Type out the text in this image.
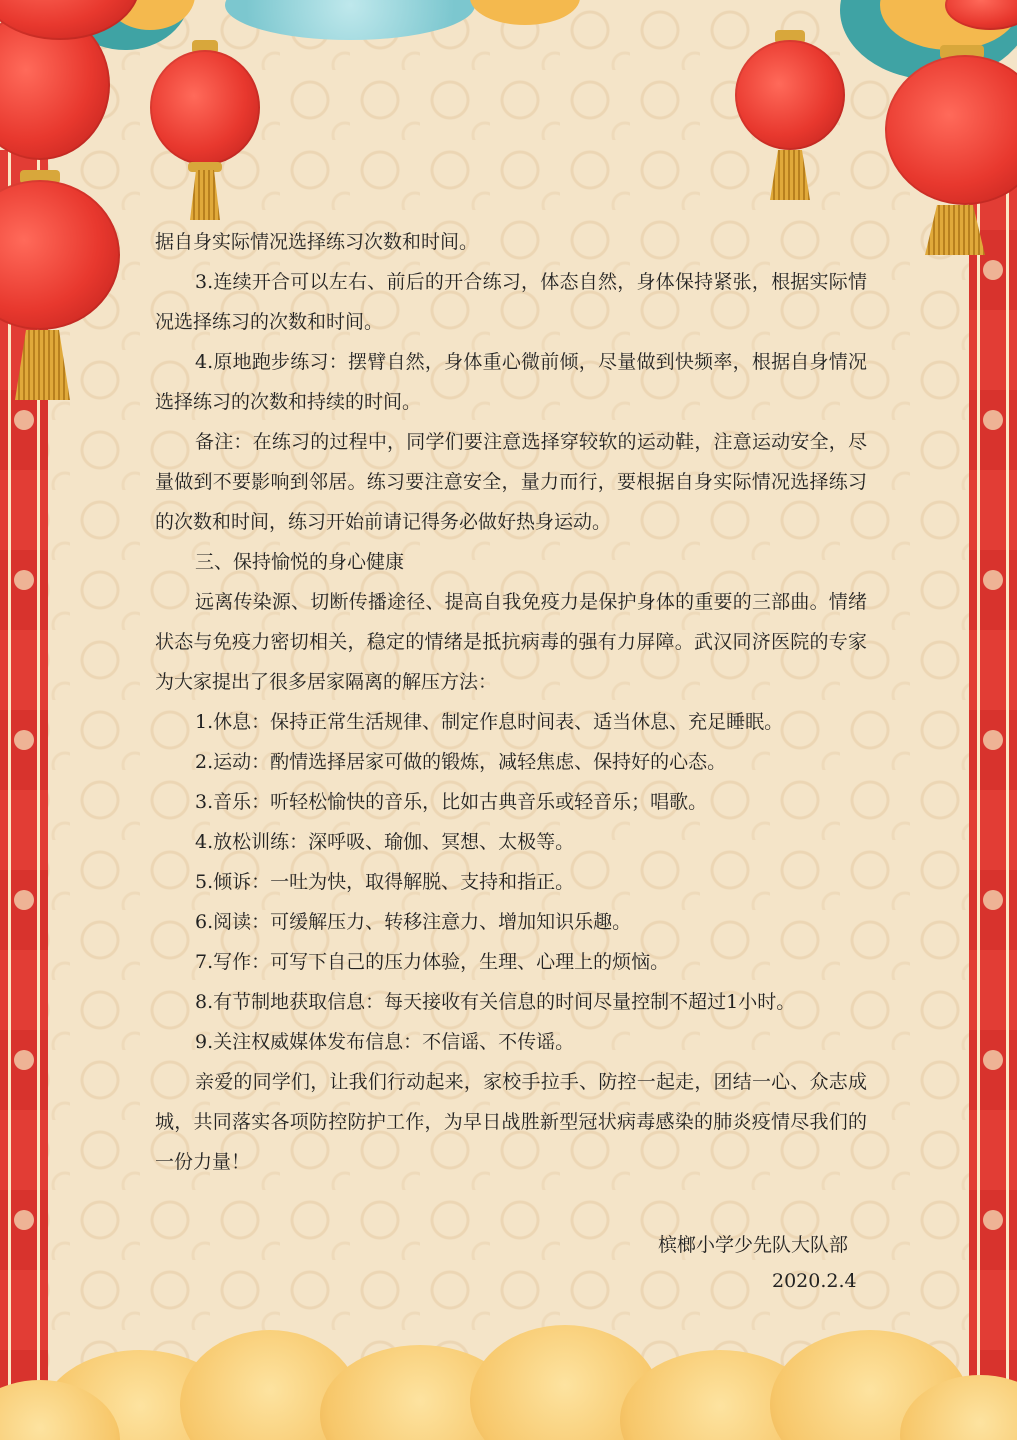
据自身实际情况选择练习次数和时间。

3.连续开合可以左右、前后的开合练习，体态自然，身体保持紧张，根据实际情况选择练习的次数和时间。

4.原地跑步练习：摆臂自然，身体重心微前倾，尽量做到快频率，根据自身情况选择练习的次数和持续的时间。

备注：在练习的过程中，同学们要注意选择穿较软的运动鞋，注意运动安全，尽量做到不要影响到邻居。练习要注意安全，量力而行，要根据自身实际情况选择练习的次数和时间，练习开始前请记得务必做好热身运动。

三、保持愉悦的身心健康

远离传染源、切断传播途径、提高自我免疫力是保护身体的重要的三部曲。情绪状态与免疫力密切相关，稳定的情绪是抵抗病毒的强有力屏障。武汉同济医院的专家为大家提出了很多居家隔离的解压方法：

1.休息：保持正常生活规律、制定作息时间表、适当休息、充足睡眠。

2.运动：酌情选择居家可做的锻炼，减轻焦虑、保持好的心态。

3.音乐：听轻松愉快的音乐，比如古典音乐或轻音乐；唱歌。

4.放松训练：深呼吸、瑜伽、冥想、太极等。

5.倾诉：一吐为快，取得解脱、支持和指正。

6.阅读：可缓解压力、转移注意力、增加知识乐趣。

7.写作：可写下自己的压力体验，生理、心理上的烦恼。

8.有节制地获取信息：每天接收有关信息的时间尽量控制不超过1小时。

9.关注权威媒体发布信息：不信谣、不传谣。

亲爱的同学们，让我们行动起来，家校手拉手、防控一起走，团结一心、众志成城，共同落实各项防控防护工作，为早日战胜新型冠状病毒感染的肺炎疫情尽我们的一份力量！

槟榔小学少先队大队部
2020.2.4
